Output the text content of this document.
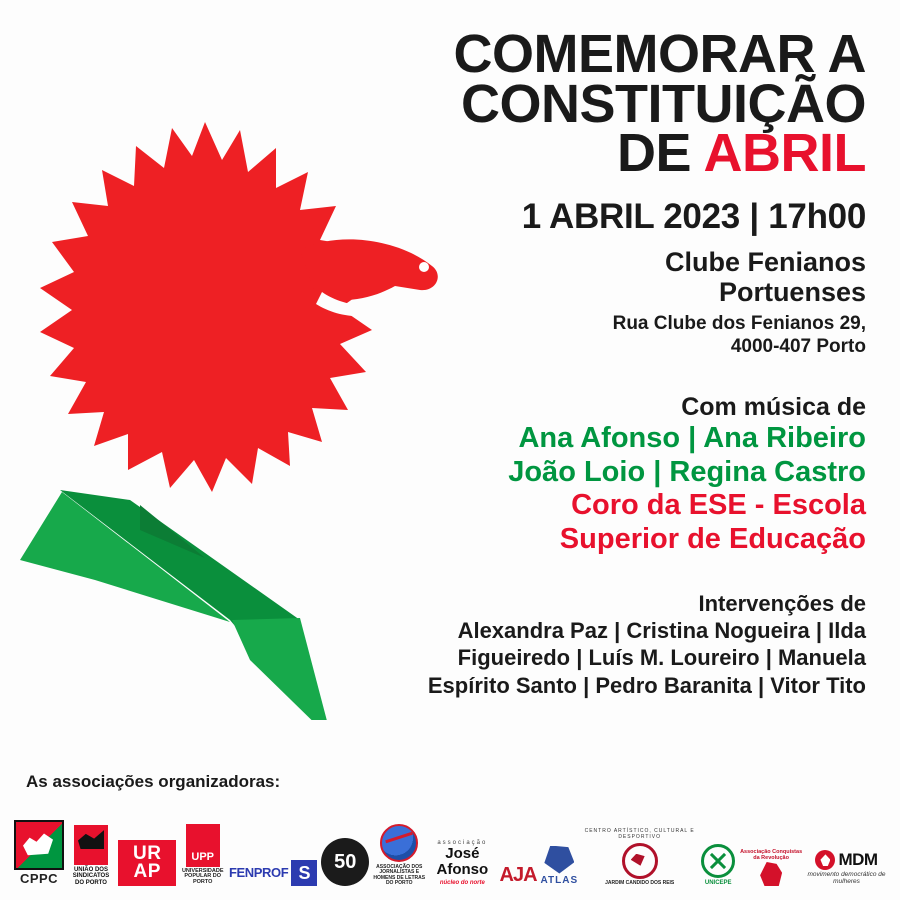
COMEMORAR A
CONSTITUIÇÃO
DE ABRIL
1 ABRIL 2023 | 17h00
Clube Fenianos
Portuenses
Rua Clube dos Fenianos 29,
4000-407 Porto
Com música de
Ana Afonso | Ana Ribeiro
João Loio | Regina Castro
Coro da ESE - Escola
Superior de Educação
Intervenções de
Alexandra Paz | Cristina Nogueira | Ilda
Figueiredo | Luís M. Loureiro | Manuela
Espírito Santo | Pedro Baranita | Vitor Tito
As associações organizadoras:
CPPC
UNIÃO DOS SINDICATOS DO PORTO
UR AP
UPP
UNIVERSIDADE POPULAR DO PORTO
FENPROF S
50	ASSOCIAÇÃO DOS JORNALISTAS E HOMENS DE LETRAS DO PORTO
associação
José Afonso
núcleo do norte AJA ATLAS
CENTRO ARTÍSTICO, CULTURAL E DESPORTIVO
JARDIM CANDIDO DOS REIS	UNICEPE
Associação Conquistas da Revolução	MDM
movimento democrático de mulheres
